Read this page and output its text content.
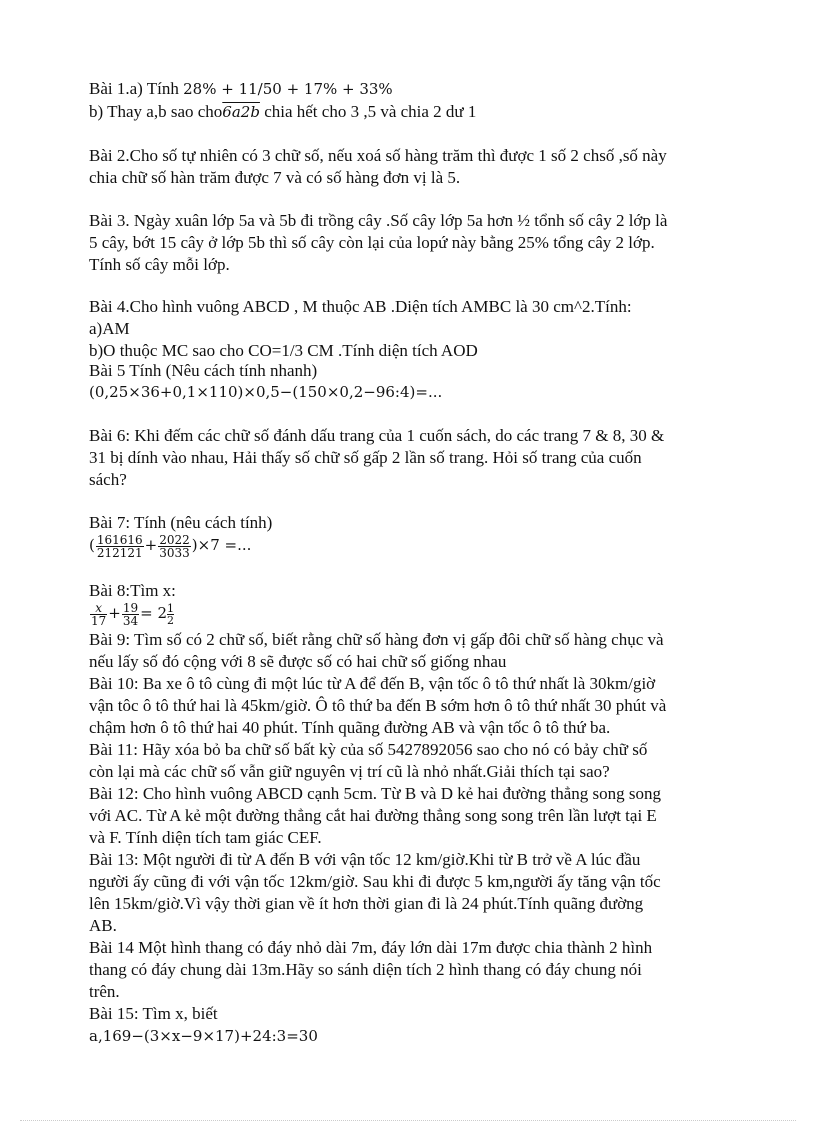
Bài 1.a) Tính 28% + 11/50 + 17% + 33%
b) Thay a,b sao cho6a2b chia hết cho 3 ,5 và chia 2 dư 1
Bài 2.Cho số tự nhiên có 3 chữ số, nếu xoá số hàng trăm thì được 1 số 2 chsố ,số này
chia chữ số hàn trăm được 7 và có số hàng đơn vị là 5.
Bài 3. Ngày xuân lớp 5a và 5b đi trồng cây .Số cây lớp 5a hơn ½ tổnh số cây 2 lớp là
5 cây, bớt 15 cây ở lớp 5b thì số cây còn lại của lopứ này bằng 25% tổng cây 2 lớp.
Tính số cây mỗi lớp.
Bài 4.Cho hình vuông ABCD , M thuộc AB .Diện tích AMBC là 30 cm^2.Tính:
a)AM
b)O thuộc MC sao cho CO=1/3 CM .Tính diện tích AOD
Bài 5 Tính (Nêu cách tính nhanh)
(0,25×36+0,1×110)×0,5−(150×0,2−96:4)=...
Bài 6: Khi đếm các chữ số đánh dấu trang của 1 cuốn sách, do các trang 7 & 8, 30 &
31 bị dính vào nhau, Hải thấy số chữ số gấp 2 lần số trang. Hỏi số trang của cuốn
sách?
Bài 7: Tính (nêu cách tính)
( $\frac{161616}{212121} + \frac{2022}{3033} )\times 7$ =...
Bài 8:Tìm x:
$\frac{x}{17} + \frac{19}{34} = 2 \frac{1}{2}$
Bài 9: Tìm số có 2 chữ số, biết rằng chữ số hàng đơn vị gấp đôi chữ số hàng chục và
nếu lấy số đó cộng với 8 sẽ được số có hai chữ số giống nhau
Bài 10: Ba xe ô tô cùng đi một lúc từ A để đến B, vận tốc ô tô thứ nhất là 30km/giờ
vận tôc ô tô thứ hai là 45km/giờ. Ô tô thứ ba đến B sớm hơn ô tô thứ nhất 30 phút và
chậm hơn ô tô thứ hai 40 phút. Tính quãng đường AB và vận tốc ô tô thứ ba.
Bài 11: Hãy xóa bỏ ba chữ số bất kỳ của số 5427892056 sao cho nó có bảy chữ số
còn lại mà các chữ số vẫn giữ nguyên vị trí cũ là nhỏ nhất.Giải thích tại sao?
Bài 12: Cho hình vuông ABCD cạnh 5cm. Từ B và D kẻ hai đường thẳng song song
với AC. Từ A kẻ một đường thẳng cắt hai đường thẳng song song trên lần lượt tại E
và F. Tính diện tích tam giác CEF.
Bài 13: Một người đi từ A đến B với vận tốc 12 km/giờ.Khi từ B trở về A lúc đầu
người ấy cũng đi với vận tốc 12km/giờ. Sau khi đi được 5 km,người ấy tăng vận tốc
lên 15km/giờ.Vì vậy thời gian về ít hơn thời gian đi là 24 phút.Tính quãng đường
AB.
Bài 14 Một hình thang có đáy nhỏ dài 7m, đáy lớn dài 17m được chia thành 2 hình
thang có đáy chung dài 13m.Hãy so sánh diện tích 2 hình thang có đáy chung nói
trên.
Bài 15: Tìm x, biết
a,169−(3×x−9×17)+24:3=30
